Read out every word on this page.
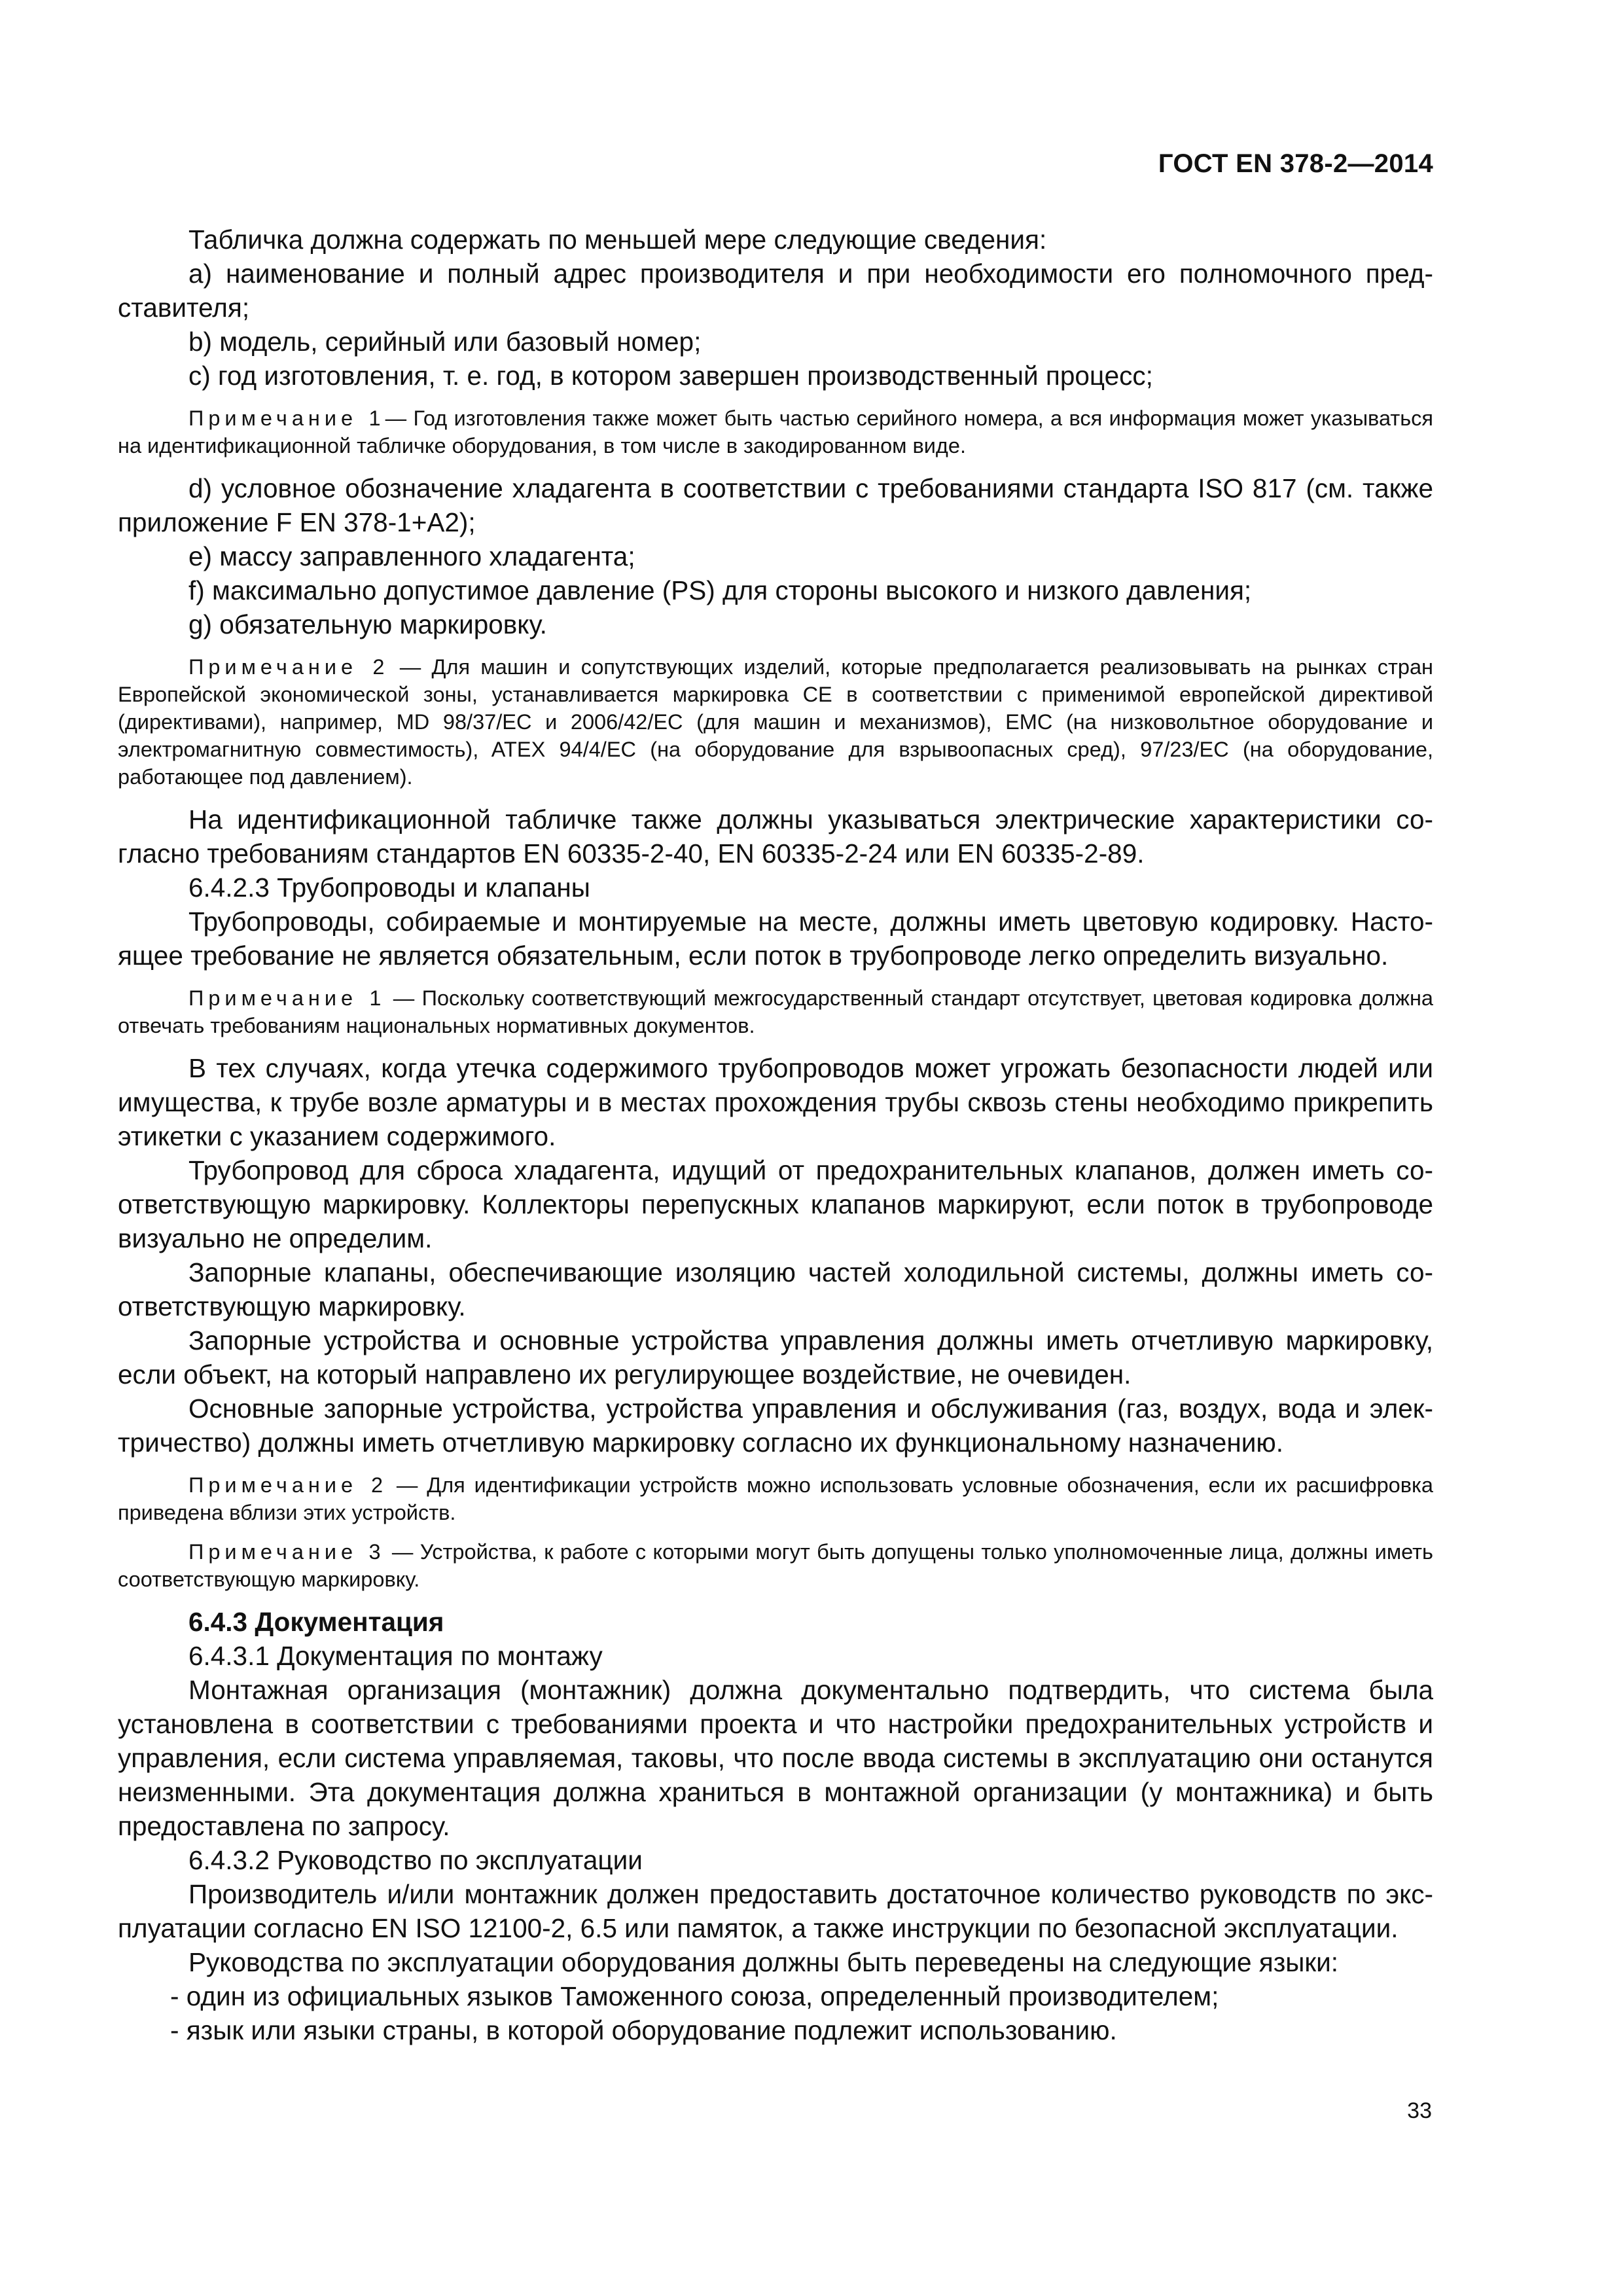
ГОСТ EN 378-2—2014

Табличка должна содержать по меньшей мере следующие сведения:

a) наименование и полный адрес производителя и при необходимости его полномочного представителя;

b) модель, серийный или базовый номер;

c) год изготовления, т. е. год, в котором завершен производственный процесс;

Примечание 1— Год изготовления также может быть частью серийного номера, а вся информация может указываться на идентификационной табличке оборудования, в том числе в закодированном виде.

d) условное обозначение хладагента в соответствии с требованиями стандарта ISO 817 (см. также приложение F EN 378-1+A2);

e) массу заправленного хладагента;

f) максимально допустимое давление (PS) для стороны высокого и низкого давления;

g) обязательную маркировку.

Примечание 2 — Для машин и сопутствующих изделий, которые предполагается реализовывать на рынках стран Европейской экономической зоны, устанавливается маркировка CE в соответствии с применимой европейской директивой (директивами), например, MD 98/37/EC и 2006/42/EC (для машин и механизмов), EMC (на низковольтное оборудование и электромагнитную совместимость), ATEX 94/4/EC (на оборудование для взрывоопасных сред), 97/23/EC (на оборудование, работающее под давлением).

На идентификационной табличке также должны указываться электрические характеристики согласно требованиям стандартов EN 60335-2-40, EN 60335-2-24 или EN 60335-2-89.

6.4.2.3 Трубопроводы и клапаны

Трубопроводы, собираемые и монтируемые на месте, должны иметь цветовую кодировку. Настоящее требование не является обязательным, если поток в трубопроводе легко определить визуально.

Примечание 1 — Поскольку соответствующий межгосударственный стандарт отсутствует, цветовая кодировка должна отвечать требованиям национальных нормативных документов.

В тех случаях, когда утечка содержимого трубопроводов может угрожать безопасности людей или имущества, к трубе возле арматуры и в местах прохождения трубы сквозь стены необходимо прикрепить этикетки с указанием содержимого.

Трубопровод для сброса хладагента, идущий от предохранительных клапанов, должен иметь соответствующую маркировку. Коллекторы перепускных клапанов маркируют, если поток в трубопроводе визуально не определим.

Запорные клапаны, обеспечивающие изоляцию частей холодильной системы, должны иметь соответствующую маркировку.

Запорные устройства и основные устройства управления должны иметь отчетливую маркировку, если объект, на который направлено их регулирующее воздействие, не очевиден.

Основные запорные устройства, устройства управления и обслуживания (газ, воздух, вода и электричество) должны иметь отчетливую маркировку согласно их функциональному назначению.

Примечание 2 — Для идентификации устройств можно использовать условные обозначения, если их расшифровка приведена вблизи этих устройств.

Примечание 3 — Устройства, к работе с которыми могут быть допущены только уполномоченные лица, должны иметь соответствующую маркировку.

6.4.3 Документация

6.4.3.1 Документация по монтажу

Монтажная организация (монтажник) должна документально подтвердить, что система была установлена в соответствии с требованиями проекта и что настройки предохранительных устройств и управления, если система управляемая, таковы, что после ввода системы в эксплуатацию они останутся неизменными. Эта документация должна храниться в монтажной организации (у монтажника) и быть предоставлена по запросу.

6.4.3.2 Руководство по эксплуатации

Производитель и/или монтажник должен предоставить достаточное количество руководств по эксплуатации согласно EN ISO 12100-2, 6.5 или памяток, а также инструкции по безопасной эксплуатации.

Руководства по эксплуатации оборудования должны быть переведены на следующие языки:

- один из официальных языков Таможенного союза, определенный производителем;

- язык или языки страны, в которой оборудование подлежит использованию.

33
